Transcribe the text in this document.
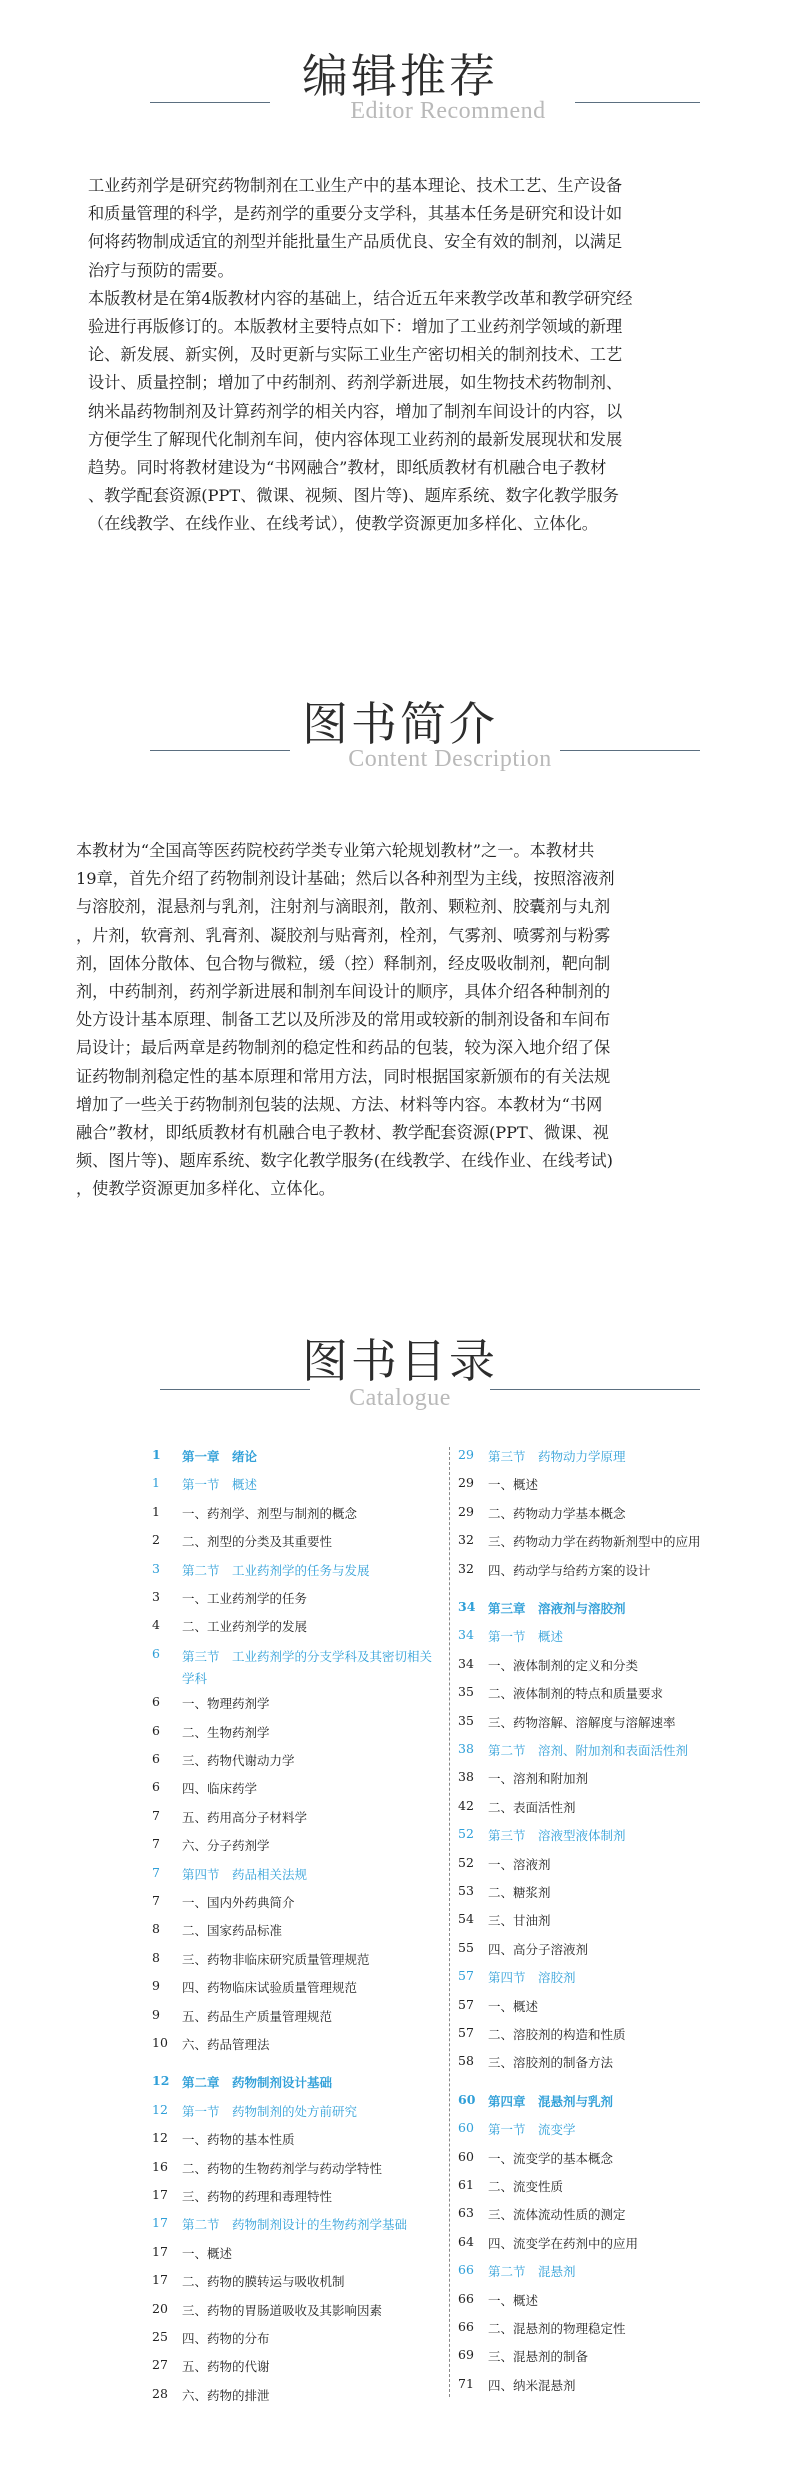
编辑推荐
Editor Recommend

工业药剂学是研究药物制剂在工业生产中的基本理论、技术工艺、生产设备

和质量管理的科学，是药剂学的重要分支学科，其基本任务是研究和设计如

何将药物制成适宜的剂型并能批量生产品质优良、安全有效的制剂，以满足

治疗与预防的需要。

本版教材是在第4版教材内容的基础上，结合近五年来教学改革和教学研究经

验进行再版修订的。本版教材主要特点如下：增加了工业药剂学领域的新理

论、新发展、新实例，及时更新与实际工业生产密切相关的制剂技术、工艺

设计、质量控制；增加了中药制剂、药剂学新进展，如生物技术药物制剂、

纳米晶药物制剂及计算药剂学的相关内容，增加了制剂车间设计的内容，以

方便学生了解现代化制剂车间，使内容体现工业药剂的最新发展现状和发展

趋势。同时将教材建设为“书网融合”教材，即纸质教材有机融合电子教材

、教学配套资源(PPT、微课、视频、图片等)、题库系统、数字化教学服务

（在线教学、在线作业、在线考试），使教学资源更加多样化、立体化。

图书简介
Content Description

本教材为“全国高等医药院校药学类专业第六轮规划教材”之一。本教材共

19章，首先介绍了药物制剂设计基础；然后以各种剂型为主线，按照溶液剂

与溶胶剂，混悬剂与乳剂，注射剂与滴眼剂，散剂、颗粒剂、胶囊剂与丸剂

，片剂，软膏剂、乳膏剂、凝胶剂与贴膏剂，栓剂，气雾剂、喷雾剂与粉雾

剂，固体分散体、包合物与微粒，缓（控）释制剂，经皮吸收制剂，靶向制

剂，中药制剂，药剂学新进展和制剂车间设计的顺序，具体介绍各种制剂的

处方设计基本原理、制备工艺以及所涉及的常用或较新的制剂设备和车间布

局设计；最后两章是药物制剂的稳定性和药品的包装，较为深入地介绍了保

证药物制剂稳定性的基本原理和常用方法，同时根据国家新颁布的有关法规

增加了一些关于药物制剂包装的法规、方法、材料等内容。本教材为“书网

融合”教材，即纸质教材有机融合电子教材、教学配套资源(PPT、微课、视

频、图片等)、题库系统、数字化教学服务(在线教学、在线作业、在线考试)

，使教学资源更加多样化、立体化。

图书目录
Catalogue
1	第一章　绪论
1	第一节　概述
1	一、药剂学、剂型与制剂的概念
2	二、剂型的分类及其重要性
3	第二节　工业药剂学的任务与发展
3	一、工业药剂学的任务
4	二、工业药剂学的发展
6	第三节　工业药剂学的分支学科及其密切相关学科
6	一、物理药剂学
6	二、生物药剂学
6	三、药物代谢动力学
6	四、临床药学
7	五、药用高分子材料学
7	六、分子药剂学
7	第四节　药品相关法规
7	一、国内外药典简介
8	二、国家药品标准
8	三、药物非临床研究质量管理规范
9	四、药物临床试验质量管理规范
9	五、药品生产质量管理规范
10	六、药品管理法
12	第二章　药物制剂设计基础
12	第一节　药物制剂的处方前研究
12	一、药物的基本性质
16	二、药物的生物药剂学与药动学特性
17	三、药物的药理和毒理特性
17	第二节　药物制剂设计的生物药剂学基础
17	一、概述
17	二、药物的膜转运与吸收机制
20	三、药物的胃肠道吸收及其影响因素
25	四、药物的分布
27	五、药物的代谢
28	六、药物的排泄
29	第三节　药物动力学原理
29	一、概述
29	二、药物动力学基本概念
32	三、药物动力学在药物新剂型中的应用
32	四、药动学与给药方案的设计
34	第三章　溶液剂与溶胶剂
34	第一节　概述
34	一、液体制剂的定义和分类
35	二、液体制剂的特点和质量要求
35	三、药物溶解、溶解度与溶解速率
38	第二节　溶剂、附加剂和表面活性剂
38	一、溶剂和附加剂
42	二、表面活性剂
52	第三节　溶液型液体制剂
52	一、溶液剂
53	二、糖浆剂
54	三、甘油剂
55	四、高分子溶液剂
57	第四节　溶胶剂
57	一、概述
57	二、溶胶剂的构造和性质
58	三、溶胶剂的制备方法
60	第四章　混悬剂与乳剂
60	第一节　流变学
60	一、流变学的基本概念
61	二、流变性质
63	三、流体流动性质的测定
64	四、流变学在药剂中的应用
66	第二节　混悬剂
66	一、概述
66	二、混悬剂的物理稳定性
69	三、混悬剂的制备
71	四、纳米混悬剂
